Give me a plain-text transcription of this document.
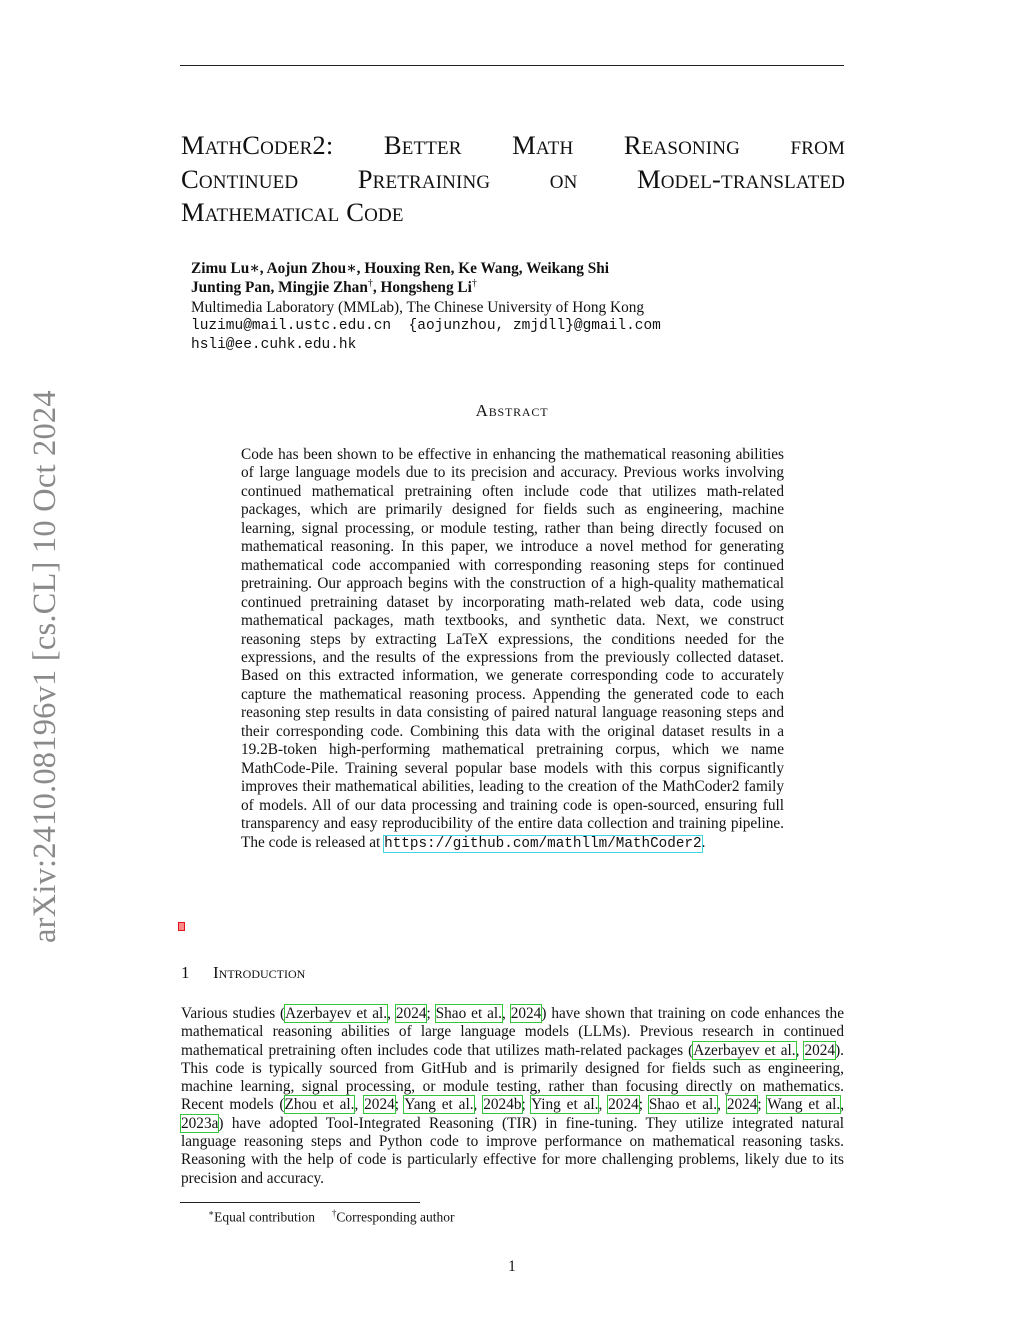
arXiv:2410.08196v1 [cs.CL] 10 Oct 2024
MathCoder2: Better Math Reasoning from
Continued Pretraining on Model-translated
Mathematical Code
Zimu Lu∗, Aojun Zhou∗, Houxing Ren, Ke Wang, Weikang Shi
Junting Pan, Mingjie Zhan†, Hongsheng Li†
Multimedia Laboratory (MMLab), The Chinese University of Hong Kong
luzimu@mail.ustc.edu.cn {aojunzhou, zmjdll}@gmail.com
hsli@ee.cuhk.edu.hk
Abstract

Code has been shown to be effective in enhancing the mathematical reasoning abilities of large language models due to its precision and accuracy. Previous works involving continued mathematical pretraining often include code that utilizes math-related packages, which are primarily designed for fields such as engineering, machine learning, signal processing, or module testing, rather than being directly focused on mathematical reasoning. In this paper, we introduce a novel method for generating mathematical code accompanied with corresponding reasoning steps for continued pretraining. Our approach begins with the construction of a high-quality mathematical continued pretraining dataset by incorporating math-related web data, code using mathematical packages, math textbooks, and synthetic data. Next, we construct reasoning steps by extracting LaTeX expressions, the conditions needed for the expressions, and the results of the expressions from the previously collected dataset. Based on this extracted information, we generate corresponding code to accurately capture the mathematical reasoning process. Appending the generated code to each reasoning step results in data consisting of paired natural language reasoning steps and their corresponding code. Combining this data with the original dataset results in a 19.2B-token high-performing mathematical pretraining corpus, which we name MathCode-Pile. Training several popular base models with this corpus significantly improves their mathematical abilities, leading to the creation of the MathCoder2 family of models. All of our data processing and training code is open-sourced, ensuring full transparency and easy reproducibility of the entire data collection and training pipeline. The code is released at https://github.com/mathllm/MathCoder2.

1 Introduction

Various studies (Azerbayev et al., 2024; Shao et al., 2024) have shown that training on code enhances the mathematical reasoning abilities of large language models (LLMs). Previous research in continued mathematical pretraining often includes code that utilizes math-related packages (Azerbayev et al., 2024). This code is typically sourced from GitHub and is primarily designed for fields such as engineering, machine learning, signal processing, or module testing, rather than focusing directly on mathematics. Recent models (Zhou et al., 2024; Yang et al., 2024b; Ying et al., 2024; Shao et al., 2024; Wang et al., 2023a) have adopted Tool-Integrated Reasoning (TIR) in fine-tuning. They utilize integrated natural language reasoning steps and Python code to improve performance on mathematical reasoning tasks. Reasoning with the help of code is particularly effective for more challenging problems, likely due to its precision and accuracy.

∗Equal contribution †Corresponding author
1
